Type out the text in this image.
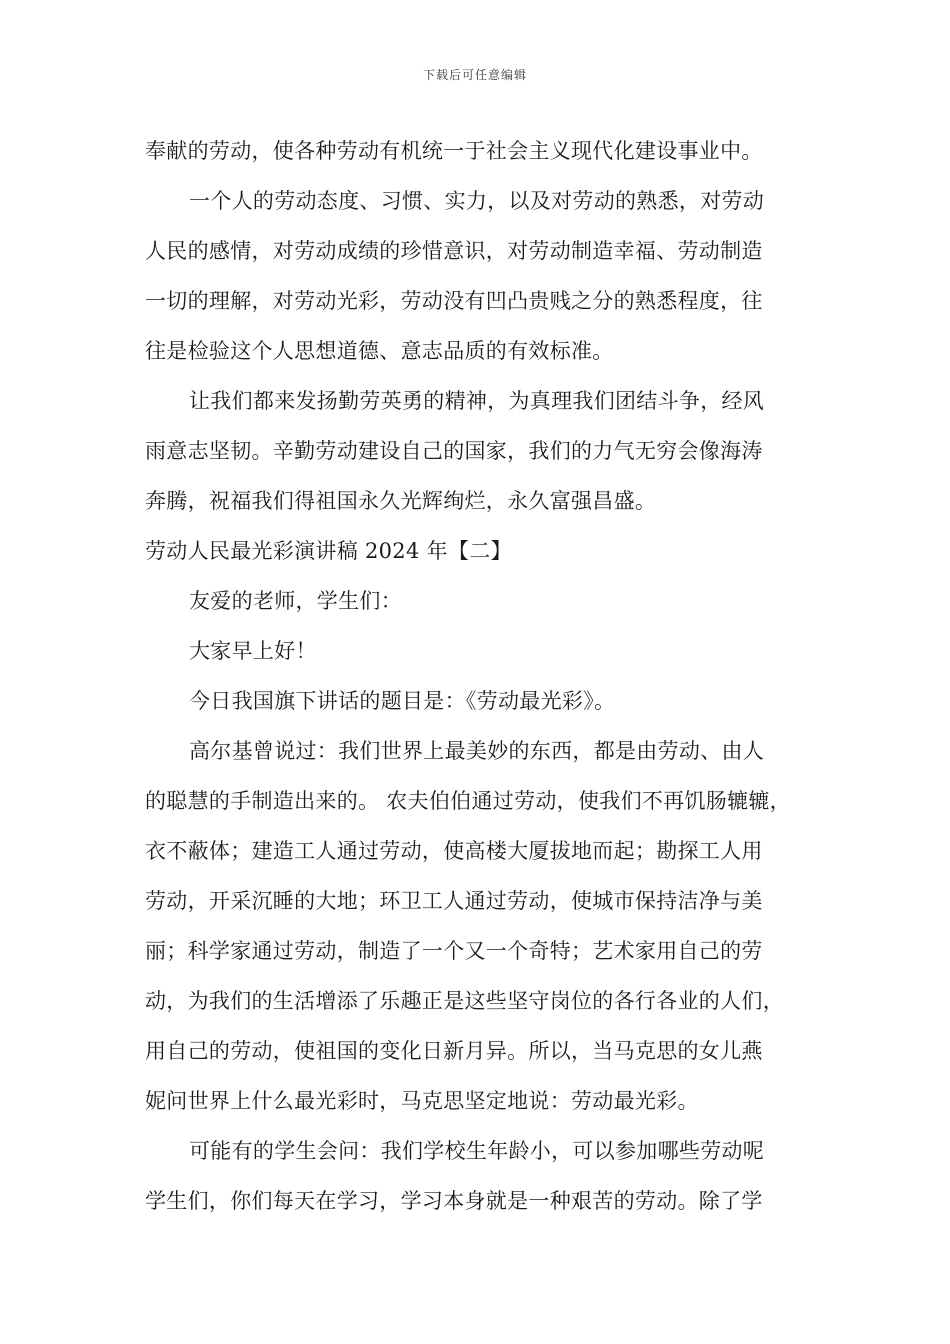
下载后可任意编辑
奉献的劳动，使各种劳动有机统一于社会主义现代化建设事业中。
一个人的劳动态度、习惯、实力，以及对劳动的熟悉，对劳动
人民的感情，对劳动成绩的珍惜意识，对劳动制造幸福、劳动制造
一切的理解，对劳动光彩，劳动没有凹凸贵贱之分的熟悉程度，往
往是检验这个人思想道德、意志品质的有效标准。
让我们都来发扬勤劳英勇的精神，为真理我们团结斗争，经风
雨意志坚韧。辛勤劳动建设自己的国家，我们的力气无穷会像海涛
奔腾，祝福我们得祖国永久光辉绚烂，永久富强昌盛。
劳动人民最光彩演讲稿 2024 年【二】
友爱的老师，学生们：
大家早上好！
今日我国旗下讲话的题目是：《劳动最光彩》。
高尔基曾说过：我们世界上最美妙的东西，都是由劳动、由人
的聪慧的手制造出来的。 农夫伯伯通过劳动，使我们不再饥肠辘辘，
衣不蔽体；建造工人通过劳动，使高楼大厦拔地而起；勘探工人用
劳动，开采沉睡的大地；环卫工人通过劳动，使城市保持洁净与美
丽；科学家通过劳动，制造了一个又一个奇特；艺术家用自己的劳
动，为我们的生活增添了乐趣正是这些坚守岗位的各行各业的人们，
用自己的劳动，使祖国的变化日新月异。所以，当马克思的女儿燕
妮问世界上什么最光彩时，马克思坚定地说：劳动最光彩。
可能有的学生会问：我们学校生年龄小，可以参加哪些劳动呢
学生们，你们每天在学习，学习本身就是一种艰苦的劳动。除了学
